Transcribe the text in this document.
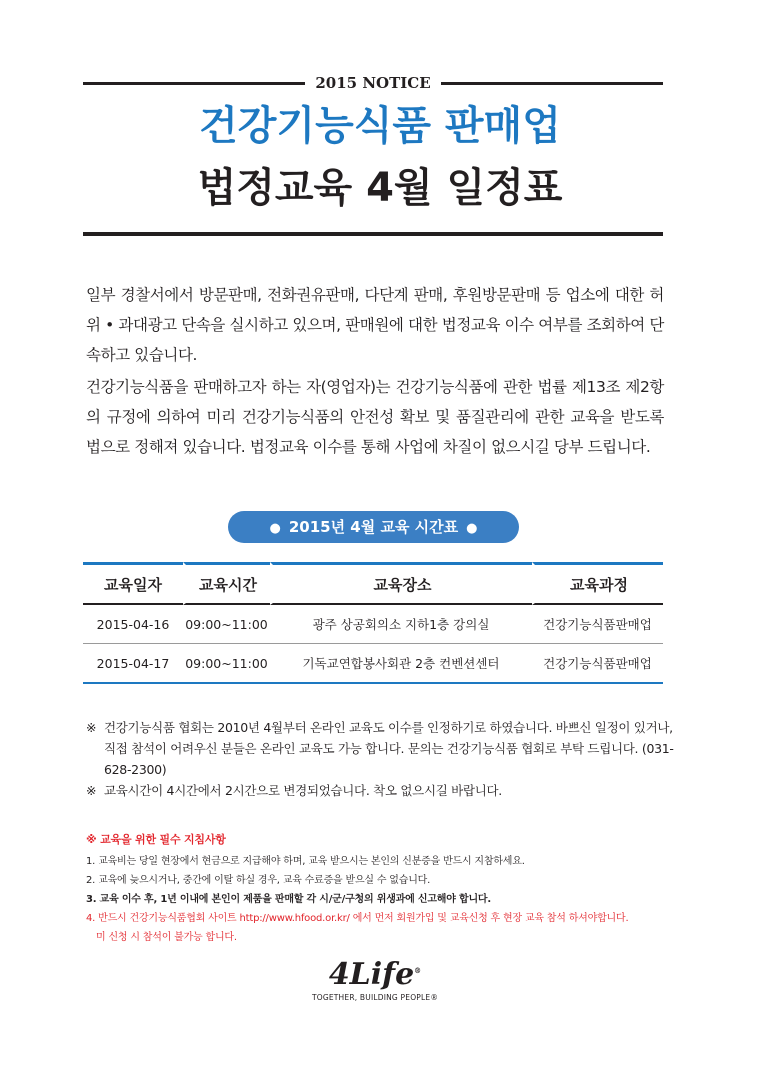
2015 NOTICE
건강기능식품 판매업
법정교육 4월 일정표

일부 경찰서에서 방문판매, 전화권유판매, 다단계 판매, 후원방문판매 등 업소에 대한 허위 • 과대광고 단속을 실시하고 있으며, 판매원에 대한 법정교육 이수 여부를 조회하여 단속하고 있습니다.

건강기능식품을 판매하고자 하는 자(영업자)는 건강기능식품에 관한 법률 제13조 제2항의 규정에 의하여 미리 건강기능식품의 안전성 확보 및 품질관리에 관한 교육을 받도록 법으로 정해져 있습니다. 법정교육 이수를 통해 사업에 차질이 없으시길 당부 드립니다.

● 2015년 4월 교육 시간표 ●
교육일자	교육시간	교육장소	교육과정
2015-04-16	09:00~11:00	광주 상공회의소 지하1층 강의실	건강기능식품판매업
2015-04-17	09:00~11:00	기독교연합봉사회관 2층 컨벤션센터	건강기능식품판매업
※ 건강기능식품 협회는 2010년 4월부터 온라인 교육도 이수를 인정하기로 하였습니다. 바쁘신 일정이 있거나, 직접 참석이 어려우신 분들은 온라인 교육도 가능 합니다. 문의는 건강기능식품 협회로 부탁 드립니다. (031-628-2300)
※ 교육시간이 4시간에서 2시간으로 변경되었습니다. 착오 없으시길 바랍니다.
※ 교육을 위한 필수 지침사항
1. 교육비는 당일 현장에서 현금으로 지급해야 하며, 교육 받으시는 본인의 신분증을 반드시 지참하세요.
2. 교육에 늦으시거나, 중간에 이탈 하실 경우, 교육 수료증을 받으실 수 없습니다.
3. 교육 이수 후, 1년 이내에 본인이 제품을 판매할 각 시/군/구청의 위생과에 신고해야 합니다.
4. 반드시 건강기능식품협회 사이트 http://www.hfood.or.kr/ 에서 먼저 회원가입 및 교육신청 후 현장 교육 참석 하셔야합니다.
미 신청 시 참석이 불가능 합니다.
4Life®
TOGETHER, BUILDING PEOPLE®
